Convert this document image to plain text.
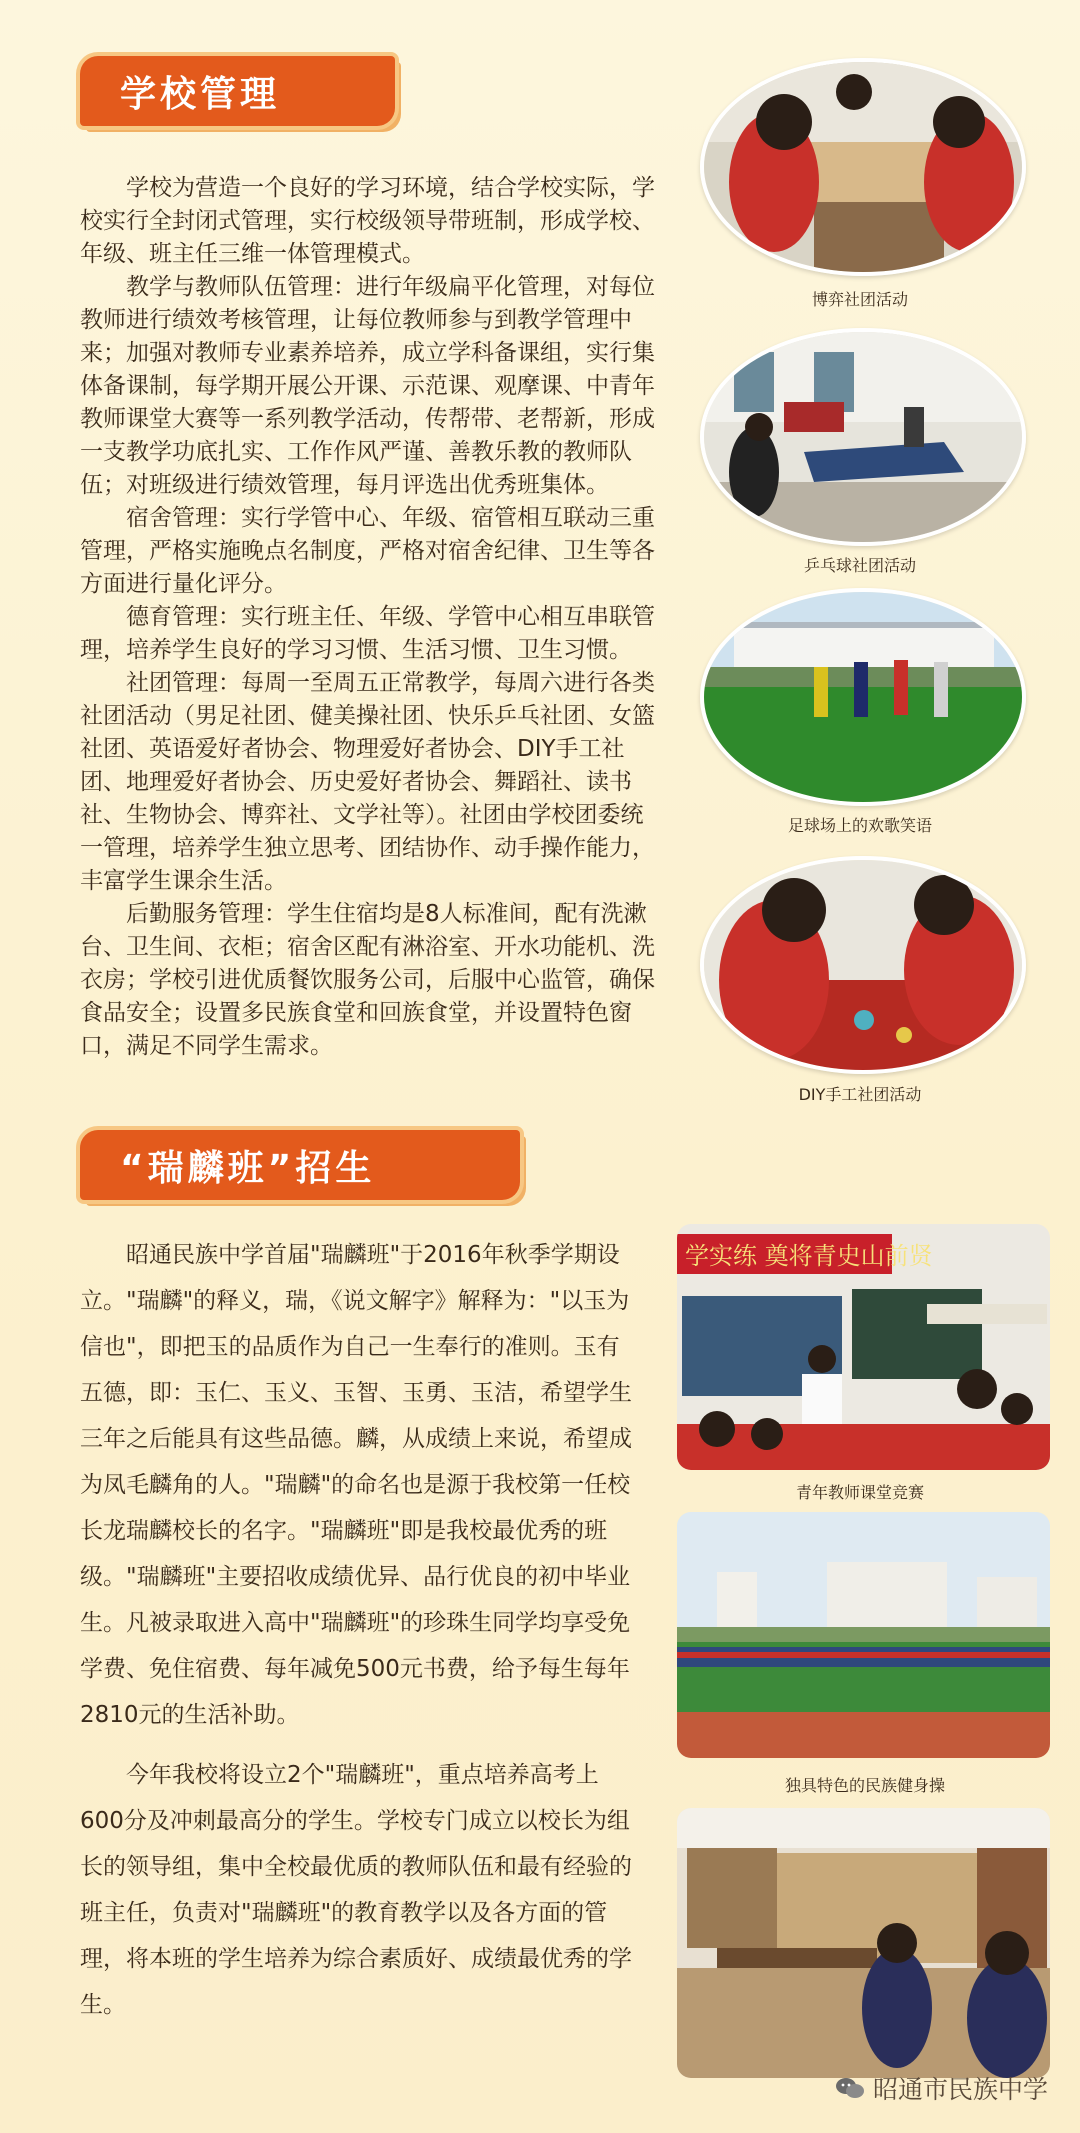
学校管理

学校为营造一个良好的学习环境，结合学校实际，学校实行全封闭式管理，实行校级领导带班制，形成学校、年级、班主任三维一体管理模式。

教学与教师队伍管理：进行年级扁平化管理，对每位教师进行绩效考核管理，让每位教师参与到教学管理中来；加强对教师专业素养培养，成立学科备课组，实行集体备课制，每学期开展公开课、示范课、观摩课、中青年教师课堂大赛等一系列教学活动，传帮带、老帮新，形成一支教学功底扎实、工作作风严谨、善教乐教的教师队伍；对班级进行绩效管理，每月评选出优秀班集体。

宿舍管理：实行学管中心、年级、宿管相互联动三重管理，严格实施晚点名制度，严格对宿舍纪律、卫生等各方面进行量化评分。

德育管理：实行班主任、年级、学管中心相互串联管理，培养学生良好的学习习惯、生活习惯、卫生习惯。

社团管理：每周一至周五正常教学，每周六进行各类社团活动（男足社团、健美操社团、快乐乒乓社团、女篮社团、英语爱好者协会、物理爱好者协会、DIY手工社团、地理爱好者协会、历史爱好者协会、舞蹈社、读书社、生物协会、博弈社、文学社等）。社团由学校团委统一管理，培养学生独立思考、团结协作、动手操作能力，丰富学生课余生活。

后勤服务管理：学生住宿均是8人标准间，配有洗漱台、卫生间、衣柜；宿舍区配有淋浴室、开水功能机、洗衣房；学校引进优质餐饮服务公司，后服中心监管，确保食品安全；设置多民族食堂和回族食堂，并设置特色窗口，满足不同学生需求。

博弈社团活动
乒乓球社团活动
足球场上的欢歌笑语
DIY手工社团活动
“瑞麟班”招生

昭通民族中学首届"瑞麟班"于2016年秋季学期设立。"瑞麟"的释义，瑞，《说文解字》解释为："以玉为信也"，即把玉的品质作为自己一生奉行的准则。玉有五德，即：玉仁、玉义、玉智、玉勇、玉洁，希望学生三年之后能具有这些品德。麟，从成绩上来说，希望成为凤毛麟角的人。"瑞麟"的命名也是源于我校第一任校长龙瑞麟校长的名字。"瑞麟班"即是我校最优秀的班级。"瑞麟班"主要招收成绩优异、品行优良的初中毕业生。凡被录取进入高中"瑞麟班"的珍珠生同学均享受免学费、免住宿费、每年减免500元书费，给予每生每年2810元的生活补助。

今年我校将设立2个"瑞麟班"，重点培养高考上600分及冲刺最高分的学生。学校专门成立以校长为组长的领导组，集中全校最优质的教师队伍和最有经验的班主任，负责对"瑞麟班"的教育教学以及各方面的管理，将本班的学生培养为综合素质好、成绩最优秀的学生。

学实练 奠将青史山前贤
青年教师课堂竞赛
独具特色的民族健身操
昭通市民族中学
